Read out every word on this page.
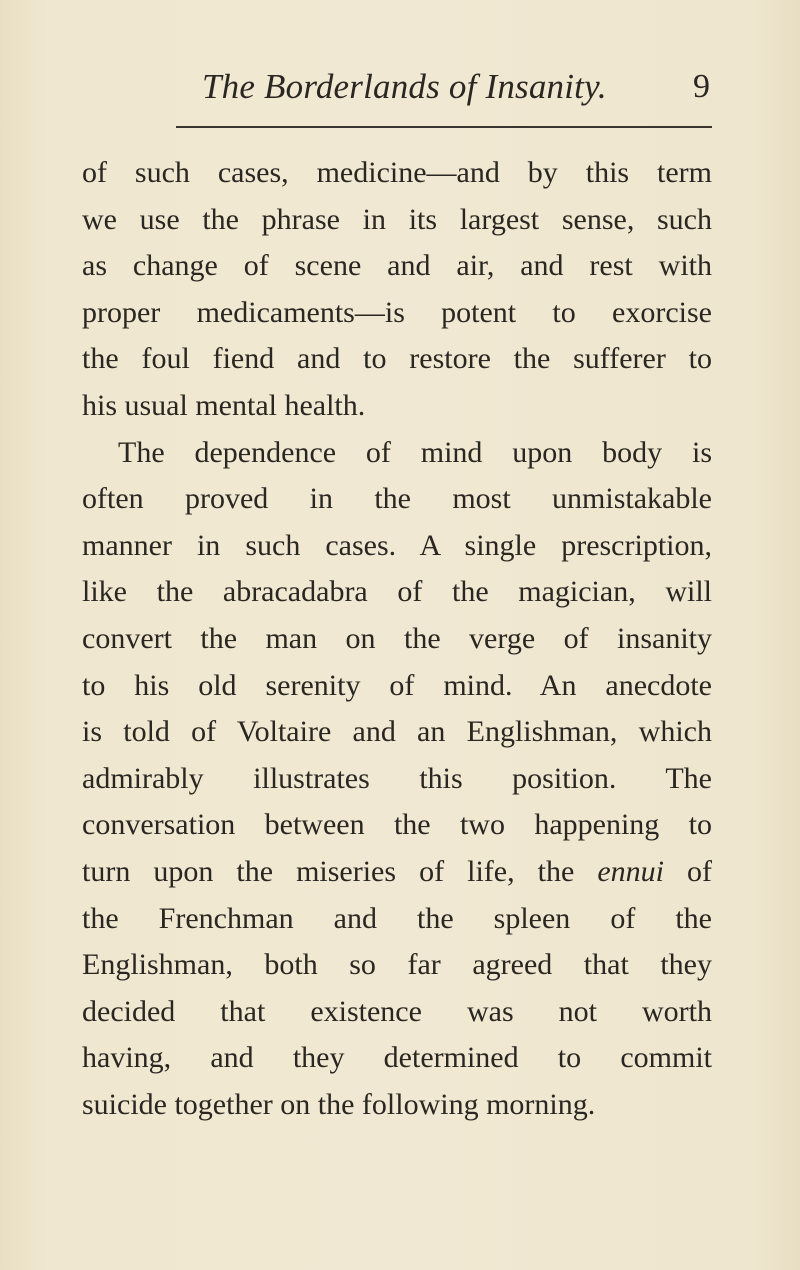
The Borderlands of Insanity.	9
of such cases, medicine—and by this term
we use the phrase in its largest sense, such
as change of scene and air, and rest with
proper medicaments—is potent to exorcise
the foul fiend and to restore the sufferer to
his usual mental health.
The dependence of mind upon body is
often proved in the most unmistakable
manner in such cases. A single prescription,
like the abracadabra of the magician, will
convert the man on the verge of insanity
to his old serenity of mind. An anecdote
is told of Voltaire and an Englishman, which
admirably illustrates this position. The
conversation between the two happening to
turn upon the miseries of life, the ennui of
the Frenchman and the spleen of the
Englishman, both so far agreed that they
decided that existence was not worth
having, and they determined to commit
suicide together on the following morning.
